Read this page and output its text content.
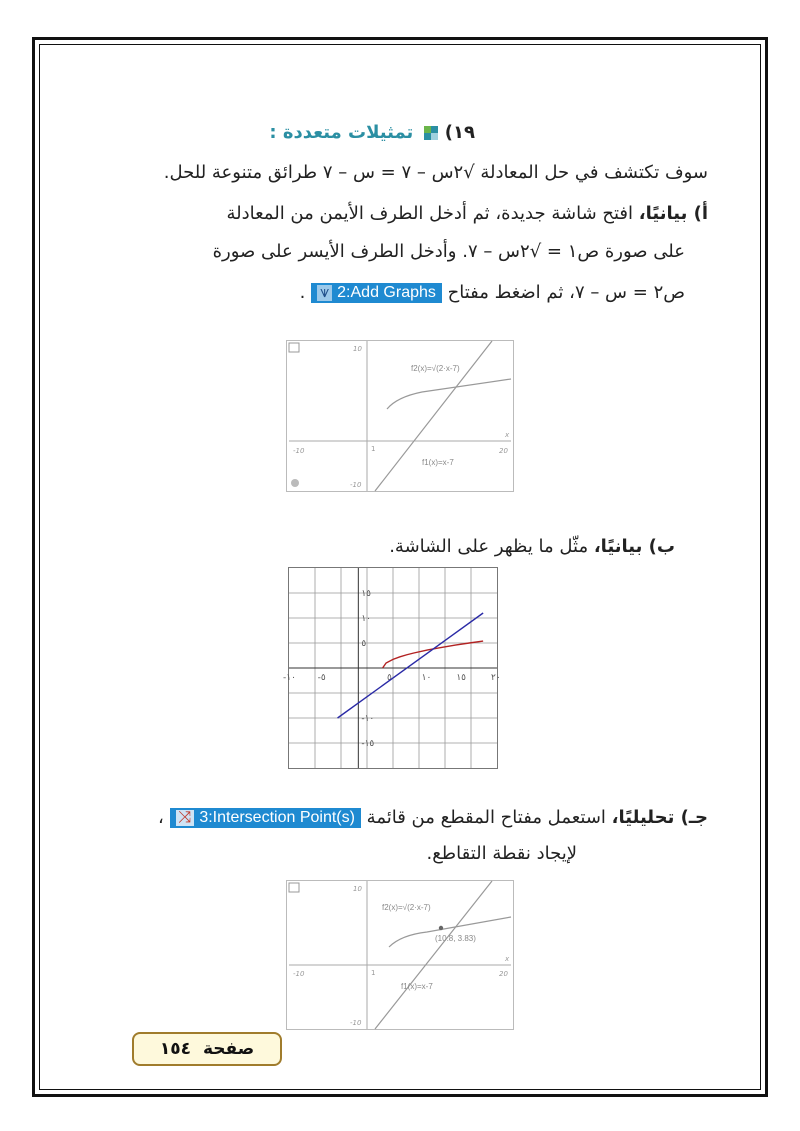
١٩)  تمثيلات متعددة :
سوف تكتشف في حل المعادلة √٢س – ٧ = س – ٧ طرائق متنوعة للحل.
أ) بيانيًا، افتح شاشة جديدة، ثم أدخل الطرف الأيمن من المعادلة
على صورة ص١ = √٢س – ٧. وأدخل الطرف الأيسر على صورة
ص٢ = س – ٧، ثم اضغط مفتاح ⩛ 2:Add Graphs .
f2(x)=√(2·x-7)
f1(x)=x-7
-10	20
10
-10
1
x
ب) بيانيًا، مثّل ما يظهر على الشاشة.
-١٠ -٥	٥	١٠	١٥	٢٠
١٥
١٠
٥
-١٠
-١٥
جـ) تحليليًا، استعمل مفتاح المقطع من قائمة ⤨ 3:Intersection Point(s) ،
لإيجاد نقطة التقاطع.
f2(x)=√(2·x-7)
(10.8, 3.83)
f1(x)=x-7
-10	20
10
-10
1
x
صفحة
١٥٤
